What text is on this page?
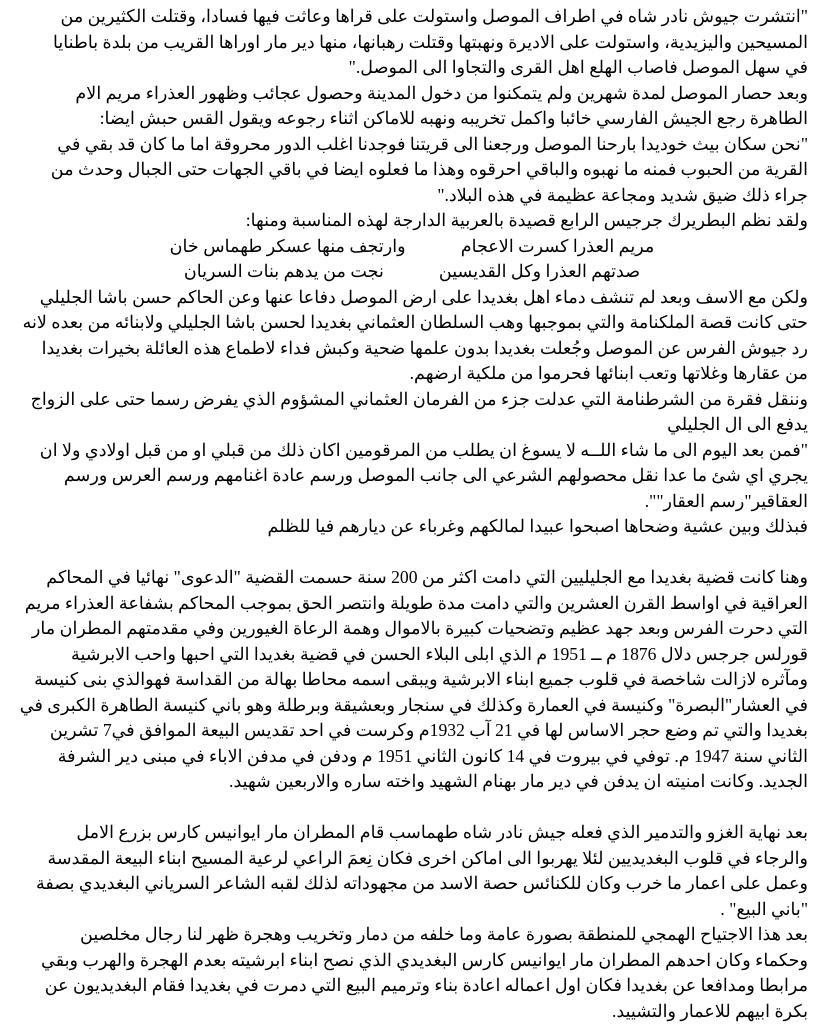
"انتشرت جيوش نادر شاه في اطراف الموصل واستولت على قراها وعاثت فيها فسادا، وقتلت الكثيرين من
المسيحين واليزيدية، واستولت على الاديرة ونهبتها وقتلت رهبانها، منها دير مار اوراها القريب من بلدة باطنايا
في سهل الموصل فاصاب الهلع اهل القرى والتجاوا الى الموصل."

وبعد حصار الموصل لمدة شهرين ولم يتمكنوا من دخول المدينة وحصول عجائب وظهور العذراء مريم الام
الطاهرة رجع الجيش الفارسي خائبا واكمل تخريبه ونهبه للاماكن اثناء رجوعه ويقول القس حبش ايضا:

"نحن سكان بيث خوديدا بارحنا الموصل ورجعنا الى قريتنا فوجدنا اغلب الدور محروقة اما ما كان قد بقي في
القرية من الحبوب فمنه ما نهبوه والباقي احرقوه وهذا ما فعلوه ايضا في باقي الجهات حتى الجبال وحدث من
جراء ذلك ضيق شديد ومجاعة عظيمة في هذه البلاد."

ولقد نظم البطريرك جرجيس الرابع قصيدة بالعربية الدارجة لهذه المناسبة ومنها:

مريم العذرا كسرت الاعجام
وارتجف منها عسكر طهماس خان
صدتهم العذرا وكل القديسين
نجت من يدهم بنات السريان

ولكن مع الاسف وبعد لم تنشف دماء اهل بغديدا على ارض الموصل دفاعا عنها وعن الحاكم حسن باشا الجليلي
حتى كانت قصة الملكنامة والتي بموجبها وهب السلطان العثماني بغديدا لحسن باشا الجليلي ولابنائه من بعده لانه
رد جيوش الفرس عن الموصل وجُعلت بغديدا بدون علمها ضحية وكبش فداء لاطماع هذه العائلة بخيرات بغديدا
من عقارها وغلاتها وتعب ابنائها فحرموا من ملكية ارضهم.

وننقل فقرة من الشرطنامة التي عدلت جزء من الفرمان العثماني المشؤوم الذي يفرض رسما حتى على الزواج
يدفع الى ال الجليلي

"فمن بعد اليوم الى ما شاء اللــه لا يسوغ ان يطلب من المرقومين اكان ذلك من قبلي او من قبل اولادي ولا ان
يجري اي شئ ما عدا نقل محصولهم الشرعي الى جانب الموصل ورسم عادة اغنامهم ورسم العرس ورسم
العقاقير"رسم العقار"".

فبذلك وبين عشية وضحاها اصبحوا عبيدا لمالكهم وغرباء عن ديارهم فيا للظلم

وهنا كانت قضية بغديدا مع الجليليين التي دامت اكثر من 200 سنة حسمت القضية "الدعوى" نهائيا في المحاكم
العراقية في اواسط القرن العشرين والتي دامت مدة طويلة وانتصر الحق بموجب المحاكم بشفاعة العذراء مريم
التي دحرت الفرس وبعد جهد عظيم وتضحيات كبيرة بالاموال وهمة الرعاة الغيورين وفي مقدمتهم المطران مار
قورلس جرجس دلال 1876 م ــ 1951 م الذي ابلى البلاء الحسن في قضية بغديدا التي احبها واحب الابرشية
ومآثره لازالت شاخصة في قلوب جميع ابناء الابرشية ويبقى اسمه محاطا بهالة من القداسة فهوالذي بنى كنيسة
في العشار"البصرة" وكنيسة في العمارة وكذلك في سنجار وبعشيقة وبرطلة وهو باني كنيسة الطاهرة الكبرى في
بغديدا والتي تم وضع حجر الاساس لها في 21 آب 1932م وكرست في احد تقديس البيعة الموافق في7 تشرين
الثاني سنة 1947 م. توفي في بيروت في 14 كانون الثاني 1951 م ودفن في مدفن الاباء في مبنى دير الشرفة
الجديد. وكانت امنيته ان يدفن في دير مار بهنام الشهيد واخته ساره والاربعين شهيد.

بعد نهاية الغزو والتدمير الذي فعله جيش نادر شاه طهماسب قام المطران مار ايوانيس كارس بزرع الامل
والرجاء في قلوب البغديديين لئلا يهربوا الى اماكن اخرى فكان نِعمَ الراعي لرعية المسيح ابناء البيعة المقدسة
وعمل على اعمار ما خرب وكان للكنائس حصة الاسد من مجهوداته لذلك لقبه الشاعر السرياني البغديدي بصفة
"باني البيع" .

بعد هذا الاجتياح الهمجي للمنطقة بصورة عامة وما خلفه من دمار وتخريب وهجرة ظهر لنا رجال مخلصين
وحكماء وكان احدهم المطران مار ايوانيس كارس البغديدي الذي نصح ابناء ابرشيته بعدم الهجرة والهرب وبقي
مرابطا ومدافعا عن بغديدا فكان اول اعماله اعادة بناء وترميم البيع التي دمرت في بغديدا فقام البغديديون عن
بكرة ابيهم للاعمار والتشييد.
